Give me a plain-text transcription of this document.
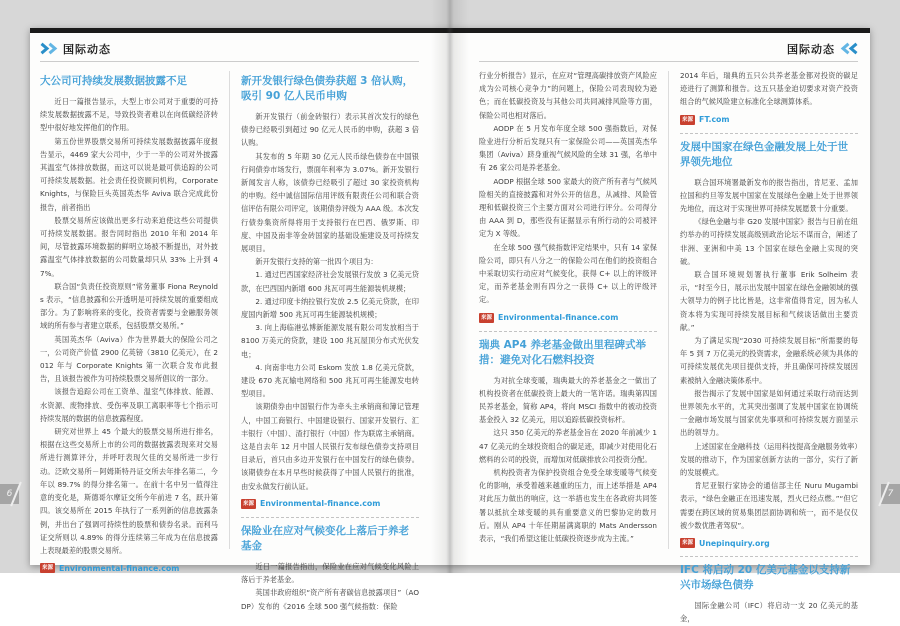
国际动态
大公司可持续发展数据披露不足

近日一篇报告显示，大型上市公司对于重要的可持续发展数据披露不足，导致投资者难以在向低碳经济转型中很好地发挥他们的作用。

第五份世界股票交易所可持续发展数据披露年度报告显示，4469 家大公司中，少于一半的公司对外披露其温室气体排放数据，而这可以说是最可供追踪的公司可持续发展数据。社会责任投资顾问机构，Corporate Knights，与保险巨头英国英杰华 Aviva 联合完成此份报告，前者指出

股票交易所应该做出更多行动来迫使这些公司提供可持续发展数据。报告同时指出 2010 年和 2014 年间，尽管披露环境数据的鲜明立场被不断提出，对外披露温室气体排放数据的公司数量却只从 33% 上升到 47%。

联合国“负责任投资原则”常务董事 Fiona Reynolds 表示，“信息披露和公开透明是可持续发展的重要组成部分。为了影响将来的变化，投资者需要与金融服务领域的所有参与者建立联系，包括股票交易所。”

英国英杰华（Aviva）作为世界最大的保险公司之一，公司资产价值 2900 亿英镑（3810 亿美元），在 2012 年与 Corporate Knights 第一次联合发布此报告，且该报告被作为可持续股票交易所倡议的一部分。

该报告追踪公司在工资单、温室气体排放、能源、水资源、废物排放、受伤率及职工离职率等七个指示可持续发展的数据的信息披露程度。

研究对世界上 45 个最大的股票交易所进行排名，根据在这些交易所上市的公司的数据披露表现来对交易所进行测算评分，并呼吁表现欠佳的交易所进一步行动。泛欧交易所－阿姆斯特丹证交所去年排名第二，今年以 89.7% 的得分排名第一。在前十名中另一值得注意的变化是，斯德哥尔摩证交所今年前进 7 名，跃升第四。该交易所在 2015 年执行了一系列新的信息披露条例，并出台了强调可持续性的股票和债券名录。而利马证交所则以 4.89% 的得分连续第三年成为在信息披露上表现最差的股票交易所。

来源 Environmental-finance.com
新开发银行绿色债券获超 3 倍认购，吸引 90 亿人民币申购

新开发银行（前金砖银行）表示其首次发行的绿色债券已经吸引到超过 90 亿元人民币的申购，获超 3 倍认购。

其发布的 5 年期 30 亿元人民币绿色债券在中国银行间债券市场发行，票面年利率为 3.07%。新开发银行新闻发言人称，该债券已经吸引了超过 30 家投资机构的申购。经中诚信国际信用评级有限责任公司和联合资信评估有限公司评定，该期债券评级为 AAA 级。本次发行债券集资所得将用于支持银行在巴西、俄罗斯、印度、中国及南非等金砖国家的基础设施建设及可持续发展项目。

新开发银行支持的第一批四个项目为：

1. 通过巴西国家经济社会发展银行发放 3 亿美元贷款，在巴西国内新增 600 兆瓦可再生能源装机规模；

2. 通过印度卡纳拉银行发放 2.5 亿美元贷款，在印度国内新增 500 兆瓦可再生能源装机规模；

3. 向上海临港弘博新能源发展有限公司发放相当于 8100 万美元的贷款，建设 100 兆瓦屋顶分布式光伏发电；

4. 向南非电力公司 Eskom 发放 1.8 亿美元贷款，建设 670 兆瓦输电网络和 500 兆瓦可再生能源发电转型项目。

该期债券由中国银行作为牵头主承销商和簿记管理人，中国工商银行、中国建设银行、国家开发银行、汇丰银行（中国）、渣打银行（中国）作为联席主承销商。这是自去年 12 月中国人民银行发布绿色债券支持项目目录后，首只由多边开发银行在中国发行的绿色债券。该期债券在本月早些时候获得了中国人民银行的批准，由安永做发行前认证。

来源 Environmental-finance.com
保险业在应对气候变化上落后于养老基金

近日一篇报告指出，保险业在应对气候变化风险上落后于养老基金。

英国非政府组织“资产所有者碳信息披露项目”（AODP）发布的《2016 全球 500 强气候指数：保险

国际动态

行业分析报告》显示，在应对“管理高碳排放资产风险应成为公司核心竞争力”的问题上，保险公司表现较为逊色；而在低碳投资及与其他公司共同减排风险等方面，保险公司也相对落后。

AODP 在 5 月发布年度全球 500 强指数后，对保险业进行分析后发现只有一家保险公司——英国英杰华集团（Aviva）跻身重视气候风险的全球 31 强，名单中有 26 家公司是养老基金。

AODP 根据全球 500 家最大的资产所有者与气候风险相关的直接披露和对外公开的信息，从减排、风险管理和低碳投资三个主要方面对公司进行评分。公司得分由 AAA 到 D，那些没有证据显示有所行动的公司被评定为 X 等级。

在全球 500 强气候指数评定结果中，只有 14 家保险公司，即只有八分之一的保险公司在他们的投资组合中采取切实行动应对气候变化，获得 C+ 以上的评级评定，而养老基金则有四分之一获得 C+ 以上的评级评定。

来源 Environmental-finance.com
瑞典 AP4 养老基金做出里程碑式举措：避免对化石燃料投资

为对抗全球变暖，瑞典最大的养老基金之一做出了机构投资者在低碳投资上最大的一笔许诺。瑞典第四国民养老基金，简称 AP4，将向 MSCI 指数中的被动投资基金投入 32 亿美元，用以追踪低碳投资标杆。

这只 350 亿美元的养老基金旨在 2020 年前减少 147 亿美元的全球投资组合的碳足迹，即减少对使用化石燃料的公司的投资，而增加对低碳排放公司投资分配。

机构投资者为保护投资组合免受全球变暖等气候变化的影响，承受着越来越重的压力，而上述举措是 AP4 对此压力做出的响应，这一举措也发生在各政府共同签署以抵抗全球变暖的具有重要意义的巴黎协定的数月后。刚从 AP4 十年任期届满离职的 Mats Andersson 表示，“我们希望这能让低碳投资逐步成为主流。”

2014 年后，瑞典的五只公共养老基金都对投资的碳足迹进行了测算和报告。这五只基金迫切要求对资产投资组合的气候风险建立标准化全球测算体系。

来源 FT.com
发展中国家在绿色金融发展上处于世界领先地位

联合国环境署最新发布的报告指出，肯尼亚、孟加拉国和约旦等发展中国家在发展绿色金融上处于世界领先地位，而这对于实现世界可持续发展愿景十分重要。

《绿色金融与非 G20 发展中国家》报告与日前在纽约举办的可持续发展高级别政治论坛不谋而合，阐述了非洲、亚洲和中美 13 个国家在绿色金融上实现的突破。

联合国环境规划署执行董事 Erik Solheim 表示，“时至今日，展示出发展中国家在绿色金融领域的强大领导力的例子比比皆是，这非常值得肯定，因为私人资本将为实现可持续发展目标和气候谈话做出主要贡献。”

为了满足实现“2030 可持续发展目标”所需要的每年 5 到 7 万亿美元的投资需求，金融系统必须为具体的可持续发展优先项目提供支持，并且确保可持续发展因素被纳入金融决策体系中。

报告揭示了发展中国家是如何通过采取行动而达到世界领先水平的，尤其突出强调了发展中国家在协调统一金融市场发展与国家优先事项和可持续发展方面显示出的领导力。

上述国家在金融科技（运用科技提高金融服务效率）发展的推动下，作为国家创新方法的一部分，实行了新的发展模式。

肯尼亚银行家协会的通信部主任 Nuru Mugambi 表示，“绿色金融正在迅速发展，烈火已经点燃。”“但它需要在跨区域的贸易集团层面协调和统一，而不是仅仅被少数优胜者驾驭”。

来源 Unepinquiry.org
IFC 将启动 20 亿美元基金以支持新兴市场绿色债券

国际金融公司（IFC）将启动一支 20 亿美元的基金，

6	7
